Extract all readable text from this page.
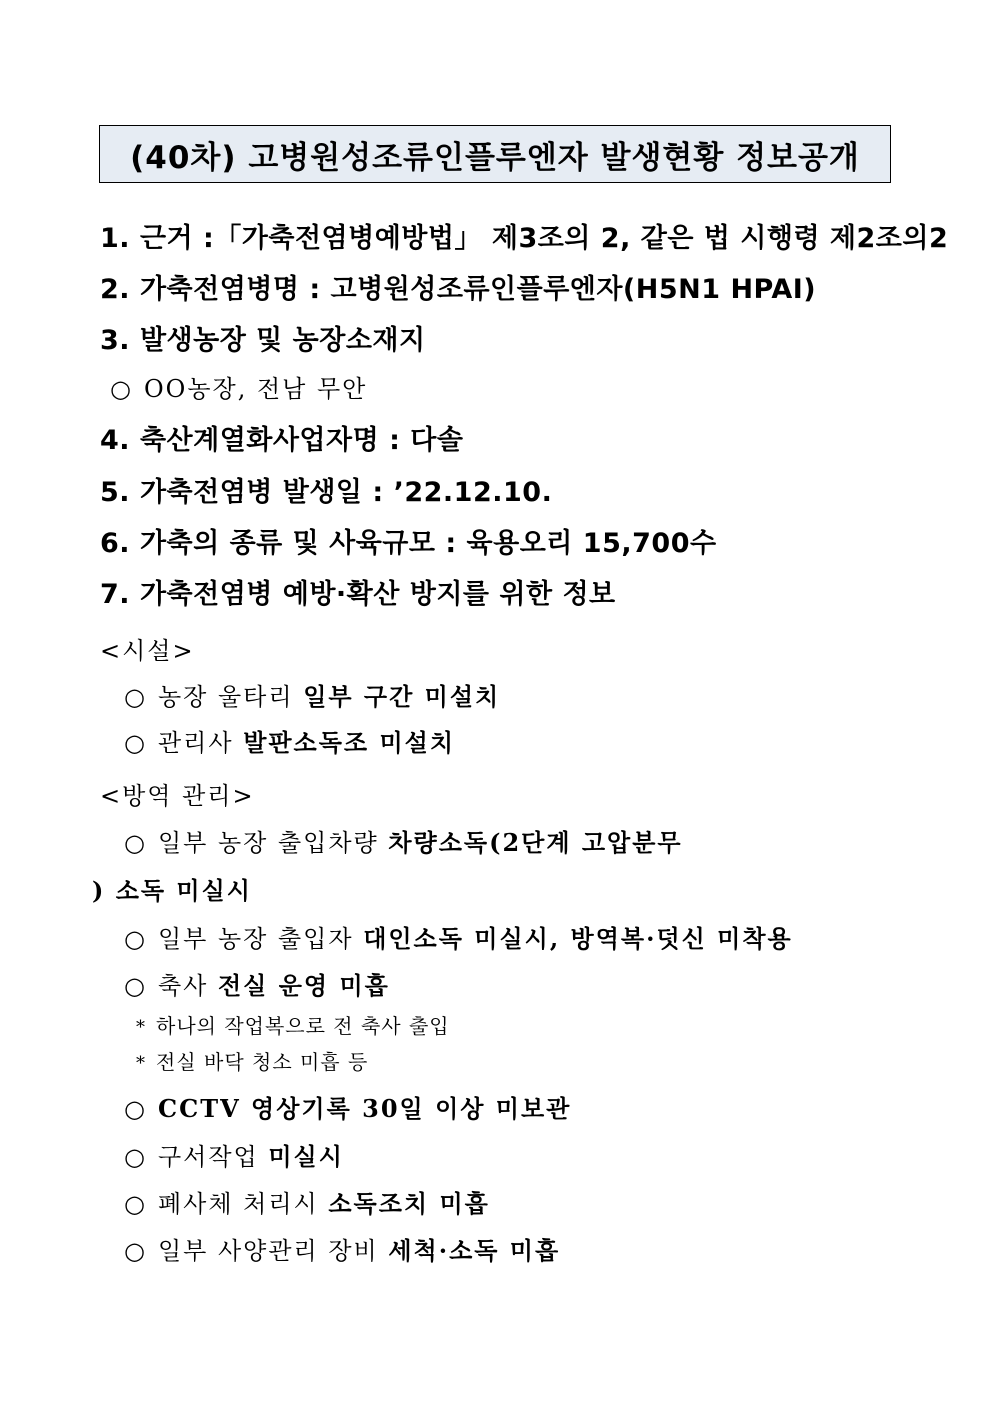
(40차) 고병원성조류인플루엔자 발생현황 정보공개
1. 근거 :「가축전염병예방법」 제3조의 2, 같은 법 시행령 제2조의2
2. 가축전염병명 : 고병원성조류인플루엔자(H5N1 HPAI)
3. 발생농장 및 농장소재지
○ OO농장, 전남 무안
4. 축산계열화사업자명 : 다솔
5. 가축전염병 발생일 : ’22.12.10.
6. 가축의 종류 및 사육규모 : 육용오리 15,700수
7. 가축전염병 예방·확산 방지를 위한 정보
<시설>
○ 농장 울타리 일부 구간 미설치
○ 관리사 발판소독조 미설치
<방역 관리>
○ 일부 농장 출입차량 차량소독(2단계 고압분무
) 소독 미실시
○ 일부 농장 출입자 대인소독 미실시, 방역복·덧신 미착용
○ 축사 전실 운영 미흡
* 하나의 작업복으로 전 축사 출입
* 전실 바닥 청소 미흡 등
○ CCTV 영상기록 30일 이상 미보관
○ 구서작업 미실시
○ 폐사체 처리시 소독조치 미흡
○ 일부 사양관리 장비 세척·소독 미흡
